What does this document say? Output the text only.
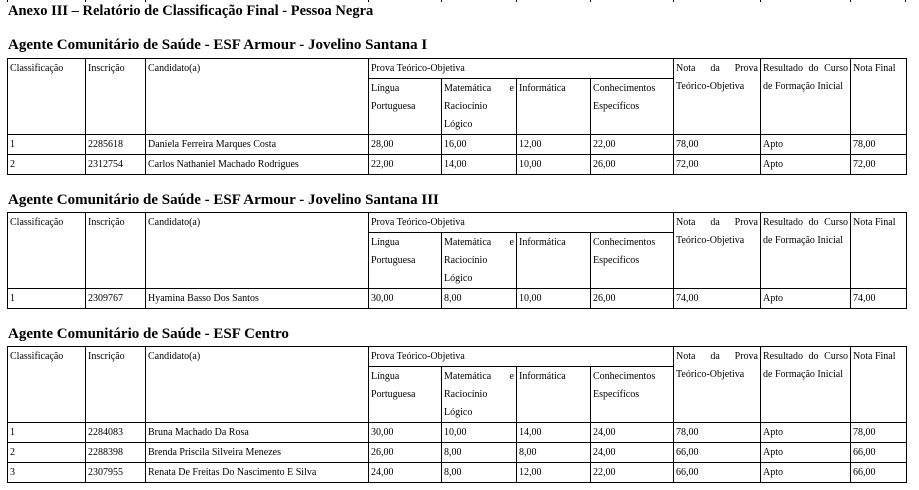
Anexo III – Relatório de Classificação Final - Pessoa Negra
Agente Comunitário de Saúde - ESF Armour - Jovelino Santana I
Classificação	Inscrição	Candidato(a)	Prova Teórico-Objetiva				Nota da Prova Teórico-Objetiva	Resultado do Curso de Formação Inicial	Nota Final
			Língua Portuguesa	Matemática e Raciocínio Lógico	Informática	Conhecimentos Específicos			
1	2285618	Daniela Ferreira Marques Costa	28,00	16,00	12,00	22,00	78,00	Apto	78,00
2	2312754	Carlos Nathaniel Machado Rodrigues	22,00	14,00	10,00	26,00	72,00	Apto	72,00
Agente Comunitário de Saúde - ESF Armour - Jovelino Santana III
Classificação	Inscrição	Candidato(a)	Prova Teórico-Objetiva				Nota da Prova Teórico-Objetiva	Resultado do Curso de Formação Inicial	Nota Final
			Língua Portuguesa	Matemática e Raciocínio Lógico	Informática	Conhecimentos Específicos			
1	2309767	Hyamina Basso Dos Santos	30,00	8,00	10,00	26,00	74,00	Apto	74,00
Agente Comunitário de Saúde - ESF Centro
Classificação	Inscrição	Candidato(a)	Prova Teórico-Objetiva				Nota da Prova Teórico-Objetiva	Resultado do Curso de Formação Inicial	Nota Final
			Língua Portuguesa	Matemática e Raciocínio Lógico	Informática	Conhecimentos Específicos			
1	2284083	Bruna Machado Da Rosa	30,00	10,00	14,00	24,00	78,00	Apto	78,00
2	2288398	Brenda Priscila Silveira Menezes	26,00	8,00	8,00	24,00	66,00	Apto	66,00
3	2307955	Renata De Freitas Do Nascimento E Silva	24,00	8,00	12,00	22,00	66,00	Apto	66,00
